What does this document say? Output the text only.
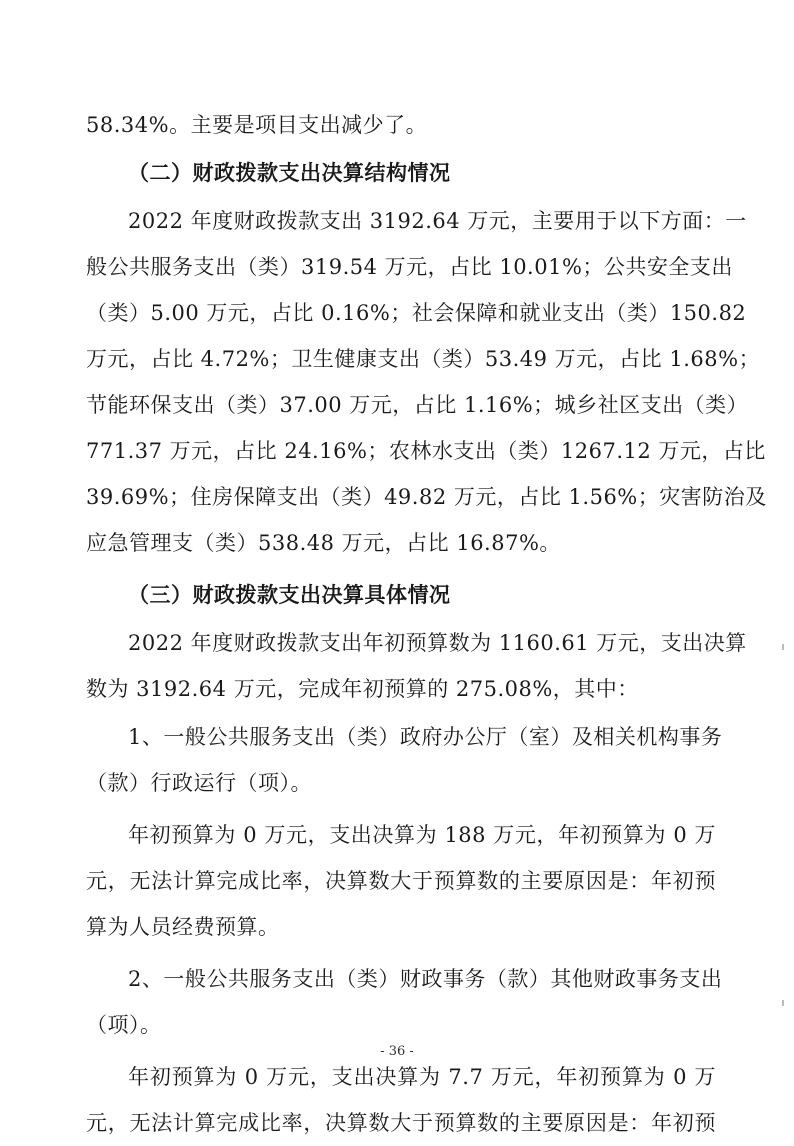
58.34%。主要是项目支出减少了。
（二）财政拨款支出决算结构情况
2022 年度财政拨款支出 3192.64 万元，主要用于以下方面：一
般公共服务支出（类）319.54 万元，占比 10.01%；公共安全支出
（类）5.00 万元，占比 0.16%；社会保障和就业支出（类）150.82
万元，占比 4.72%；卫生健康支出（类）53.49 万元，占比 1.68%；
节能环保支出（类）37.00 万元，占比 1.16%；城乡社区支出（类）
771.37 万元，占比 24.16%；农林水支出（类）1267.12 万元，占比
39.69%；住房保障支出（类）49.82 万元，占比 1.56%；灾害防治及
应急管理支（类）538.48 万元，占比 16.87%。
（三）财政拨款支出决算具体情况
2022 年度财政拨款支出年初预算数为 1160.61 万元，支出决算
数为 3192.64 万元，完成年初预算的 275.08%，其中：
1、一般公共服务支出（类）政府办公厅（室）及相关机构事务
（款）行政运行（项）。
年初预算为 0 万元，支出决算为 188 万元，年初预算为 0 万
元，无法计算完成比率，决算数大于预算数的主要原因是：年初预
算为人员经费预算。
2、一般公共服务支出（类）财政事务（款）其他财政事务支出
（项）。
年初预算为 0 万元，支出决算为 7.7 万元，年初预算为 0 万
元，无法计算完成比率，决算数大于预算数的主要原因是：年初预
- 36 -
